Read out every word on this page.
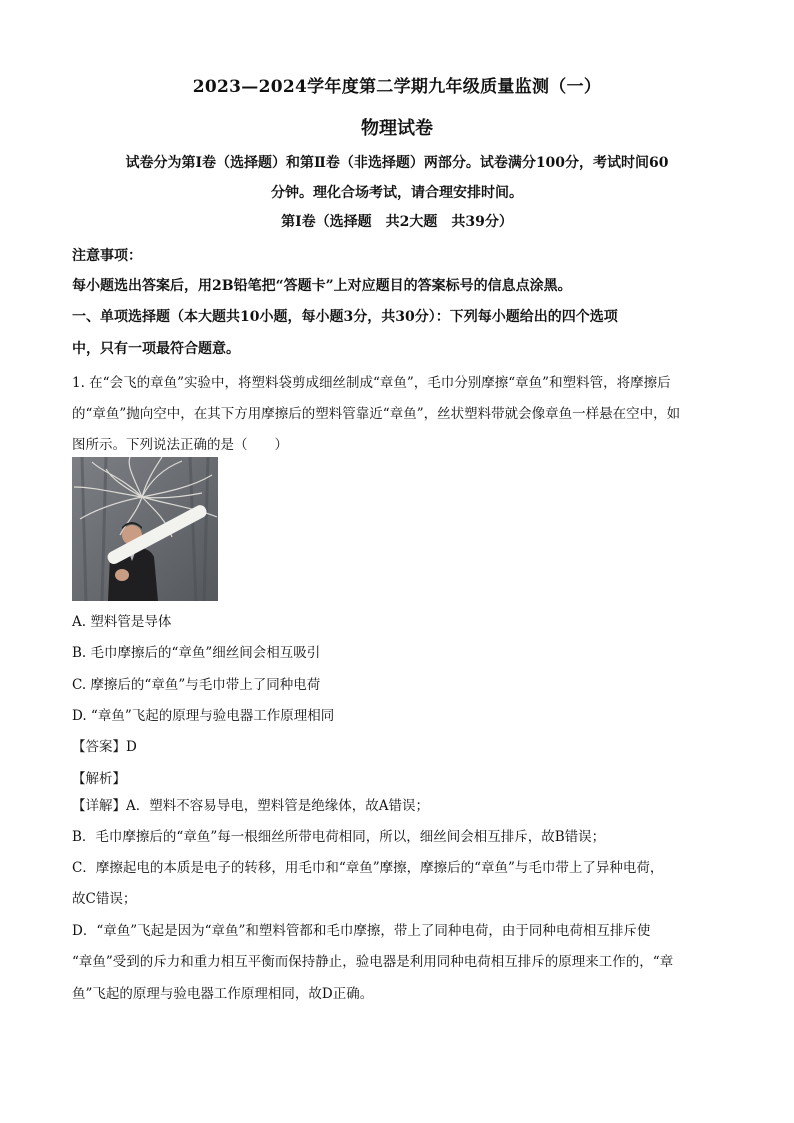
2023—2024学年度第二学期九年级质量监测（一）
物理试卷
试卷分为第Ⅰ卷（选择题）和第Ⅱ卷（非选择题）两部分。试卷满分100分，考试时间60
分钟。理化合场考试，请合理安排时间。
第Ⅰ卷（选择题　共2大题　共39分）
注意事项：
每小题选出答案后，用2B铅笔把“答题卡”上对应题目的答案标号的信息点涂黑。
一、单项选择题（本大题共10小题，每小题3分，共30分）：下列每小题给出的四个选项
中，只有一项最符合题意。
1. 在“会飞的章鱼”实验中，将塑料袋剪成细丝制成“章鱼”，毛巾分别摩擦“章鱼”和塑料管，将摩擦后
的“章鱼”抛向空中，在其下方用摩擦后的塑料管靠近“章鱼”，丝状塑料带就会像章鱼一样悬在空中，如
图所示。下列说法正确的是（　　）
A. 塑料管是导体
B. 毛巾摩擦后的“章鱼”细丝间会相互吸引
C. 摩擦后的“章鱼”与毛巾带上了同种电荷
D. “章鱼”飞起的原理与验电器工作原理相同
【答案】D
【解析】
【详解】A．塑料不容易导电，塑料管是绝缘体，故A错误；
B．毛巾摩擦后的“章鱼”每一根细丝所带电荷相同，所以，细丝间会相互排斥，故B错误；
C．摩擦起电的本质是电子的转移，用毛巾和“章鱼”摩擦，摩擦后的“章鱼”与毛巾带上了异种电荷，
故C错误；
D．“章鱼”飞起是因为“章鱼”和塑料管都和毛巾摩擦，带上了同种电荷，由于同种电荷相互排斥使
“章鱼”受到的斥力和重力相互平衡而保持静止，验电器是利用同种电荷相互排斥的原理来工作的，“章
鱼”飞起的原理与验电器工作原理相同，故D正确。
